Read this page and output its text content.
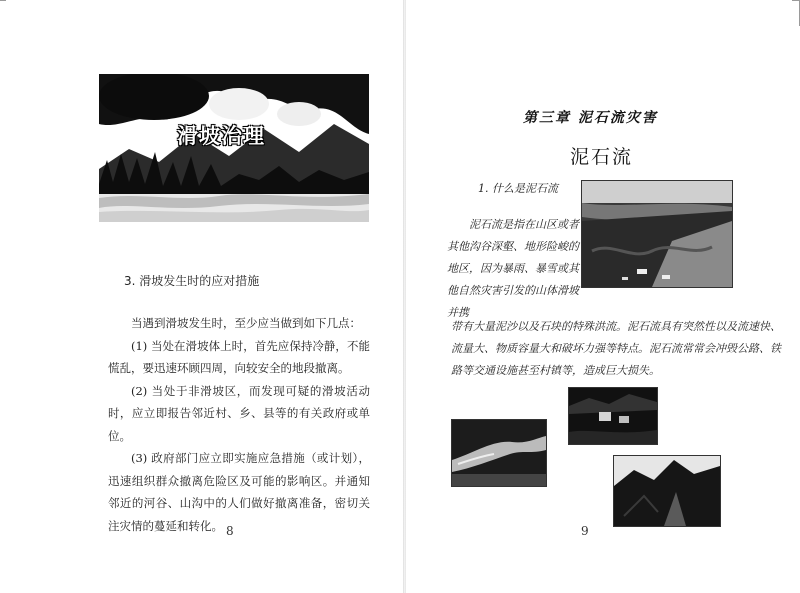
滑坡治理
3. 滑坡发生时的应对措施

当遇到滑坡发生时，至少应当做到如下几点：

(1) 当处在滑坡体上时，首先应保持冷静，不能慌乱，要迅速环顾四周，向较安全的地段撤离。

(2) 当处于非滑坡区，而发现可疑的滑坡活动时，应立即报告邻近村、乡、县等的有关政府或单位。

(3) 政府部门应立即实施应急措施（或计划），迅速组织群众撤离危险区及可能的影响区。并通知邻近的河谷、山沟中的人们做好撤离准备，密切关注灾情的蔓延和转化。 8
第三章 泥石流灾害
泥石流
1. 什么是泥石流

泥石流是指在山区或者其他沟谷深壑、地形险峻的地区，因为暴雨、暴雪或其他自然灾害引发的山体滑坡并携

带有大量泥沙以及石块的特殊洪流。泥石流具有突然性以及流速快、流量大、物质容量大和破坏力强等特点。泥石流常常会冲毁公路、铁路等交通设施甚至村镇等，造成巨大损失。

9
